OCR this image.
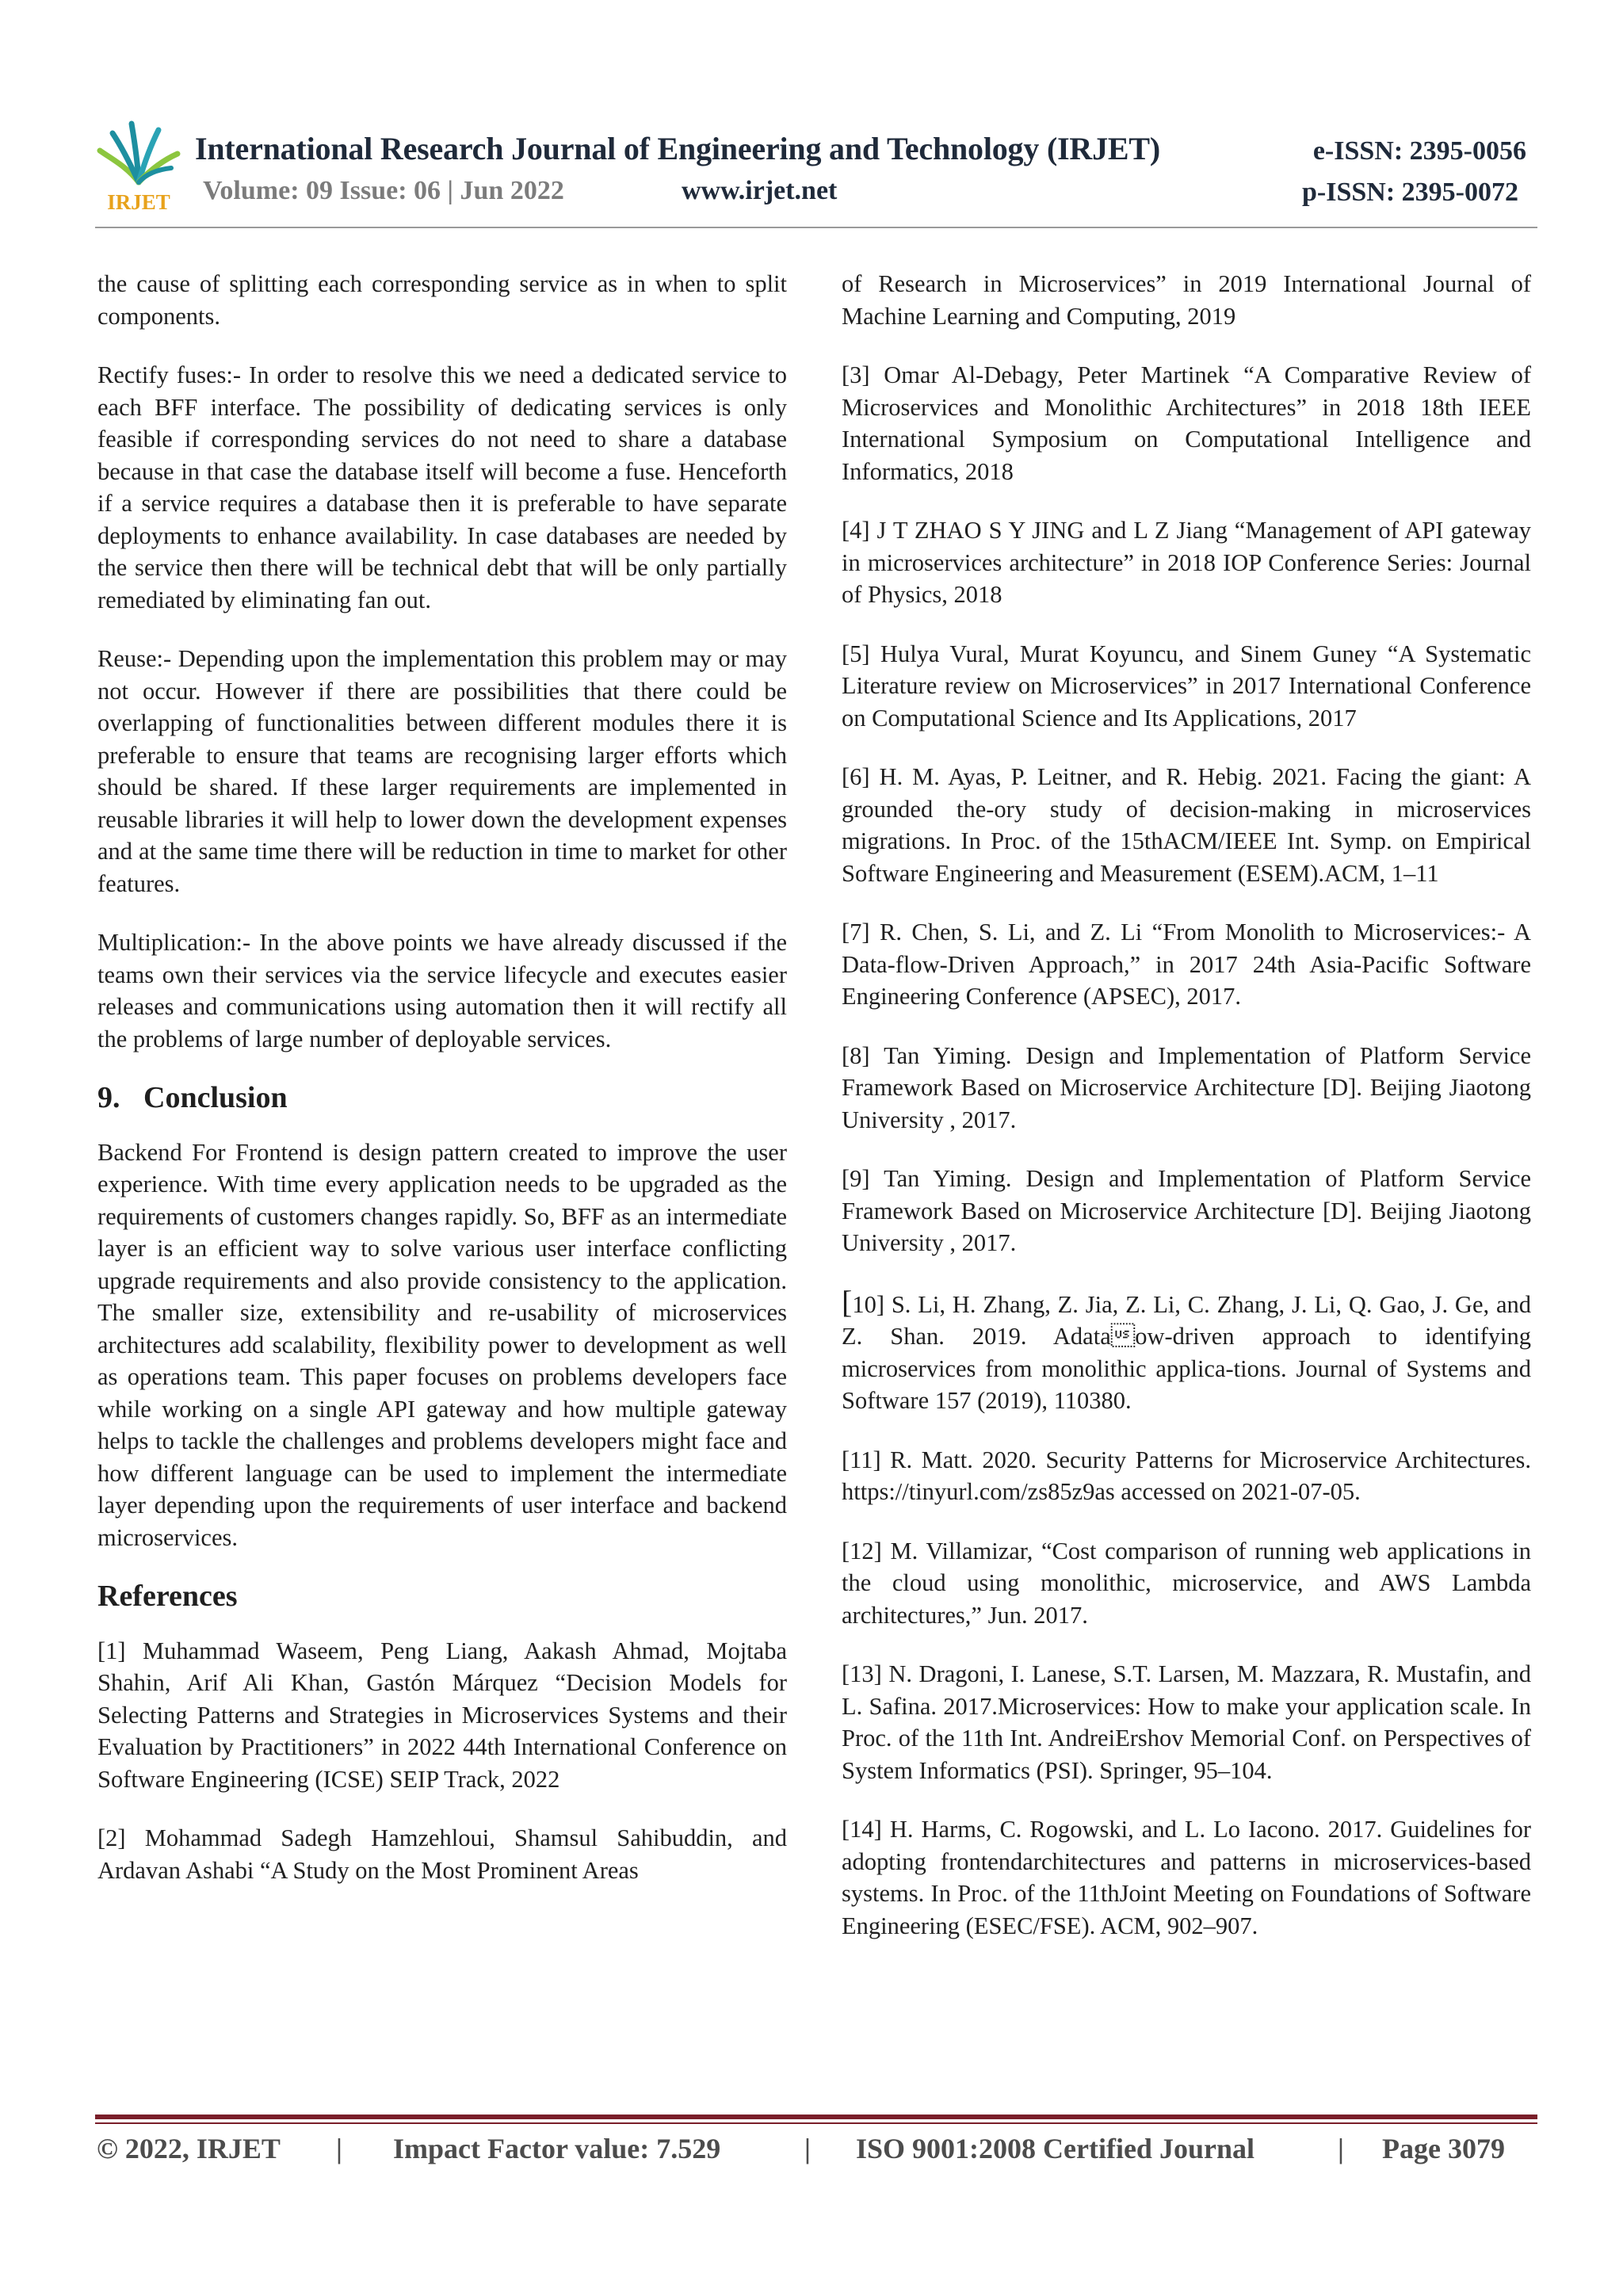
IRJET
International Research Journal of Engineering and Technology (IRJET)	e-ISSN: 2395-0056
Volume: 09 Issue: 06 | Jun 2022	www.irjet.net	p-ISSN: 2395-0072

the cause of splitting each corresponding service as in when to split components.

Rectify fuses:- In order to resolve this we need a dedicated service to each BFF interface. The possibility of dedicating services is only feasible if corresponding services do not need to share a database because in that case the database itself will become a fuse. Henceforth if a service requires a database then it is preferable to have separate deployments to enhance availability. In case databases are needed by the service then there will be technical debt that will be only partially remediated by eliminating fan out.

Reuse:- Depending upon the implementation this problem may or may not occur. However if there are possibilities that there could be overlapping of functionalities between different modules there it is preferable to ensure that teams are recognising larger efforts which should be shared. If these larger requirements are implemented in reusable libraries it will help to lower down the development expenses and at the same time there will be reduction in time to market for other features.

Multiplication:- In the above points we have already discussed if the teams own their services via the service lifecycle and executes easier releases and communications using automation then it will rectify all the problems of large number of deployable services.

9. Conclusion

Backend For Frontend is design pattern created to improve the user experience. With time every application needs to be upgraded as the requirements of customers changes rapidly. So, BFF as an intermediate layer is an efficient way to solve various user interface conflicting upgrade requirements and also provide consistency to the application. The smaller size, extensibility and re-usability of microservices architectures add scalability, flexibility power to development as well as operations team. This paper focuses on problems developers face while working on a single API gateway and how multiple gateway helps to tackle the challenges and problems developers might face and how different language can be used to implement the intermediate layer depending upon the requirements of user interface and backend microservices.

References

[1] Muhammad Waseem, Peng Liang, Aakash Ahmad, Mojtaba Shahin, Arif Ali Khan, Gastón Márquez “Decision Models for Selecting Patterns and Strategies in Microservices Systems and their Evaluation by Practitioners” in 2022 44th International Conference on Software Engineering (ICSE) SEIP Track, 2022

[2] Mohammad Sadegh Hamzehloui, Shamsul Sahibuddin, and Ardavan Ashabi “A Study on the Most Prominent Areas

of Research in Microservices” in 2019 International Journal of Machine Learning and Computing, 2019

[3] Omar Al-Debagy, Peter Martinek “A Comparative Review of Microservices and Monolithic Architectures” in 2018 18th IEEE International Symposium on Computational Intelligence and Informatics, 2018

[4] J T ZHAO S Y JING and L Z Jiang “Management of API gateway in microservices architecture” in 2018 IOP Conference Series: Journal of Physics, 2018

[5] Hulya Vural, Murat Koyuncu, and Sinem Guney “A Systematic Literature review on Microservices” in 2017 International Conference on Computational Science and Its Applications, 2017

[6] H. M. Ayas, P. Leitner, and R. Hebig. 2021. Facing the giant: A grounded the-ory study of decision-making in microservices migrations. In Proc. of the 15thACM/IEEE Int. Symp. on Empirical Software Engineering and Measurement (ESEM).ACM, 1–11

[7] R. Chen, S. Li, and Z. Li “From Monolith to Microservices:- A Data-flow-Driven Approach,” in 2017 24th Asia-Pacific Software Engineering Conference (APSEC), 2017.

[8] Tan Yiming. Design and Implementation of Platform Service Framework Based on Microservice Architecture [D]. Beijing Jiaotong University , 2017.

[9] Tan Yiming. Design and Implementation of Platform Service Framework Based on Microservice Architecture [D]. Beijing Jiaotong University , 2017.

[10] S. Li, H. Zhang, Z. Jia, Z. Li, C. Zhang, J. Li, Q. Gao, J. Ge, and Z. Shan. 2019. Adataow-driven approach to identifying microservices from monolithic applica-tions. Journal of Systems and Software 157 (2019), 110380.

[11] R. Matt. 2020. Security Patterns for Microservice Architectures. https://tinyurl.com/zs85z9as accessed on 2021-07-05.

[12] M. Villamizar, “Cost comparison of running web applications in the cloud using monolithic, microservice, and AWS Lambda architectures,” Jun. 2017.

[13] N. Dragoni, I. Lanese, S.T. Larsen, M. Mazzara, R. Mustafin, and L. Safina. 2017.Microservices: How to make your application scale. In Proc. of the 11th Int. AndreiErshov Memorial Conf. on Perspectives of System Informatics (PSI). Springer, 95–104.

[14] H. Harms, C. Rogowski, and L. Lo Iacono. 2017. Guidelines for adopting frontendarchitectures and patterns in microservices-based systems. In Proc. of the 11thJoint Meeting on Foundations of Software Engineering (ESEC/FSE). ACM, 902–907.

© 2022, IRJET | Impact Factor value: 7.529	| ISO 9001:2008 Certified Journal	| Page 3079
